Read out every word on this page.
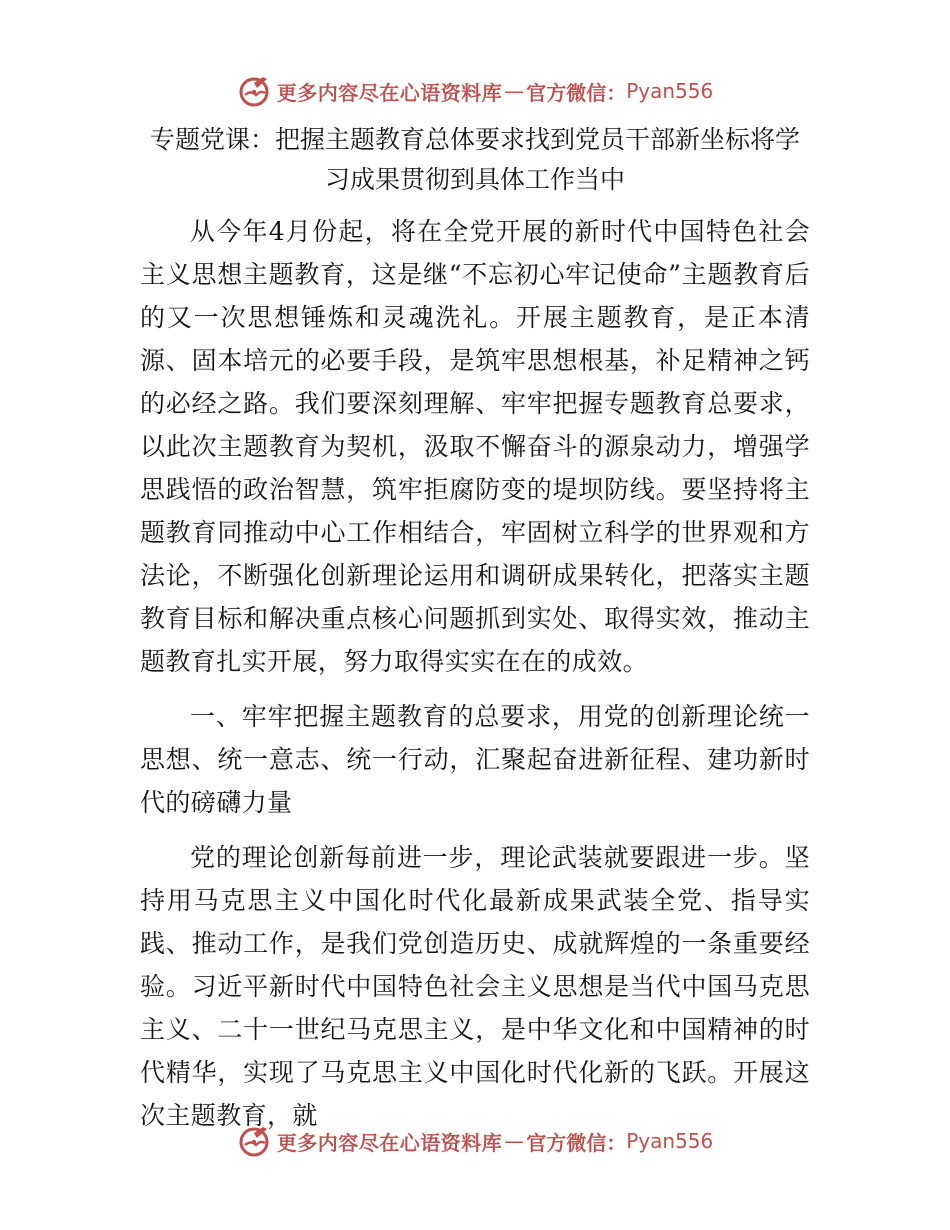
更多内容尽在心语资料库 — 官方微信： Pyan556
专题党课：把握主题教育总体要求找到党员干部新坐标将学习成果贯彻到具体工作当中

从今年4月份起，将在全党开展的新时代中国特色社会主义思想主题教育，这是继“不忘初心牢记使命”主题教育后的又一次思想锤炼和灵魂洗礼。开展主题教育，是正本清源、固本培元的必要手段，是筑牢思想根基，补足精神之钙的必经之路。我们要深刻理解、牢牢把握专题教育总要求，以此次主题教育为契机，汲取不懈奋斗的源泉动力，增强学思践悟的政治智慧，筑牢拒腐防变的堤坝防线。要坚持将主题教育同推动中心工作相结合，牢固树立科学的世界观和方法论，不断强化创新理论运用和调研成果转化，把落实主题教育目标和解决重点核心问题抓到实处、取得实效，推动主题教育扎实开展，努力取得实实在在的成效。

一、牢牢把握主题教育的总要求，用党的创新理论统一思想、统一意志、统一行动，汇聚起奋进新征程、建功新时代的磅礴力量

党的理论创新每前进一步，理论武装就要跟进一步。坚持用马克思主义中国化时代化最新成果武装全党、指导实践、推动工作，是我们党创造历史、成就辉煌的一条重要经验。习近平新时代中国特色社会主义思想是当代中国马克思主义、二十一世纪马克思主义，是中华文化和中国精神的时代精华，实现了马克思主义中国化时代化新的飞跃。开展这次主题教育，就

更多内容尽在心语资料库 — 官方微信： Pyan556
